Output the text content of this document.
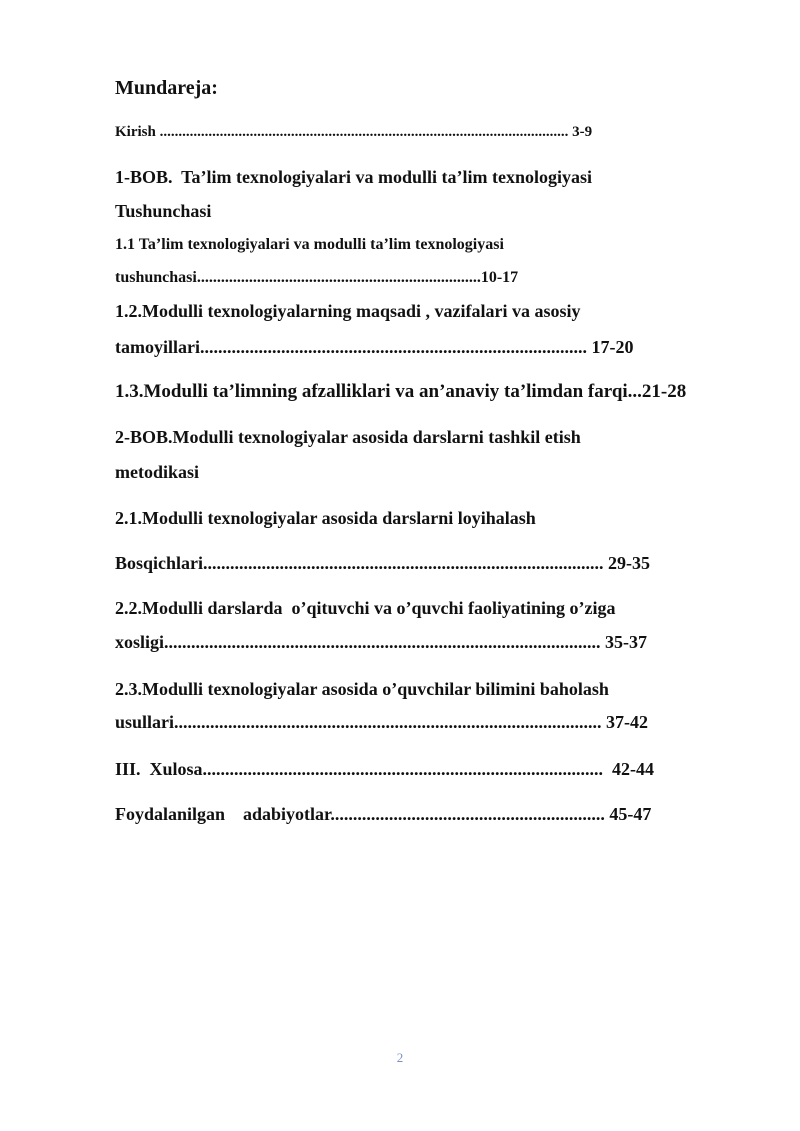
Mundareja:
Kirish ............................................................................................................. 3-9
1-BOB.  Ta’lim texnologiyalari va modulli ta’lim texnologiyasi
Tushunchasi
1.1 Ta’lim texnologiyalari va modulli ta’lim texnologiyasi
tushunchasi.......................................................................10-17
1.2.Modulli texnologiyalarning maqsadi , vazifalari va asosiy
tamoyillari...................................................................................... 17-20
1.3.Modulli ta’limning afzalliklari va an’anaviy ta’limdan farqi...21-28
2-BOB.Modulli texnologiyalar asosida darslarni tashkil etish
metodikasi
2.1.Modulli texnologiyalar asosida darslarni loyihalash
Bosqichlari......................................................................................... 29-35
2.2.Modulli darslarda  o’qituvchi va o’quvchi faoliyatining o’ziga
xosligi................................................................................................. 35-37
2.3.Modulli texnologiyalar asosida o’quvchilar bilimini baholash
usullari............................................................................................... 37-42
III.  Xulosa.........................................................................................  42-44
Foydalanilgan    adabiyotlar............................................................. 45-47
2
